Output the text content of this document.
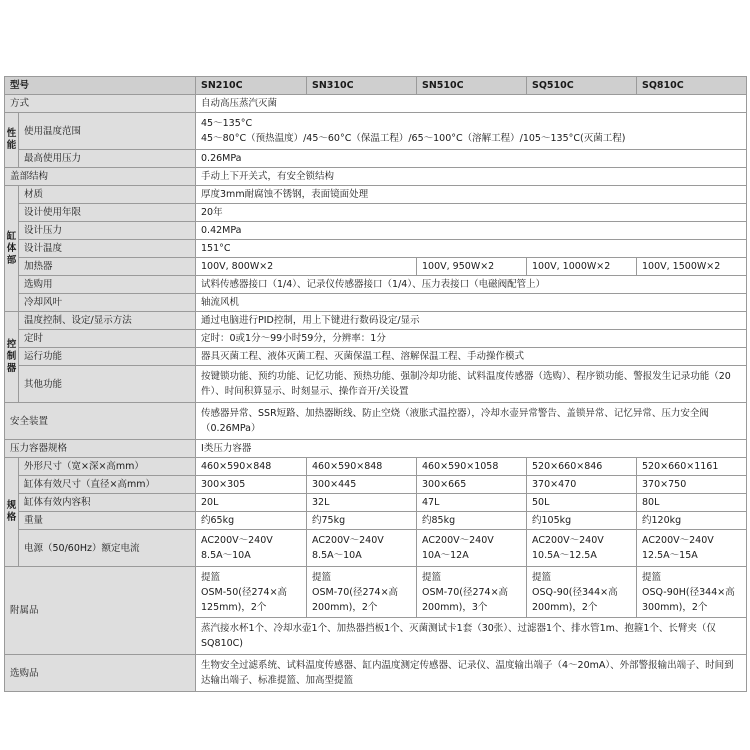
型号		SN210C	SN310C	SN510C	SQ510C	SQ810C
方式		自动高压蒸汽灭菌				

性
能	使用温度范围	45～135°C
45～80°C（预热温度）/45～60°C（保温工程）/65～100°C（溶解工程）/105～135°C(灭菌工程)				

	最高使用压力	0.26MPa				
盖部结构		手动上下开关式，有安全锁结构				

缸
体
部	材质	厚度3mm耐腐蚀不锈钢，表面镜面处理				
	设计使用年限	20年				
	设计压力	0.42MPa				
	设计温度	151°C				
	加热器	100V, 800W×2		100V, 950W×2	100V, 1000W×2	100V, 1500W×2
	选购用	试料传感器接口（1/4）、记录仪传感器接口（1/4）、压力表接口（电磁阀配管上）				
	冷却风叶	轴流风机				

控
制
器	温度控制、设定/显示方法	通过电脑进行PID控制，用上下键进行数码设定/显示				
	定时	定时：0或1分～99小时59分，分辨率：1分				
	运行功能	器具灭菌工程、液体灭菌工程、灭菌保温工程、溶解保温工程、手动操作模式				
	其他功能	按键锁功能、预约功能、记忆功能、预热功能、强制冷却功能、试料温度传感器（选购）、程序锁功能、警报发生记录功能（20件）、时间积算显示、时刻显示、操作音开/关设置				
安全装置		传感器异常、SSR短路、加热器断线、防止空烧（液胀式温控器），冷却水壶异常警告、盖锁异常、记忆异常、压力安全阀（0.26MPa）				
压力容器规格		Ⅰ类压力容器				

规
格	外形尺寸（宽×深×高mm）	460×590×848	460×590×848	460×590×1058	520×660×846	520×660×1161
	缸体有效尺寸（直径×高mm）	300×305	300×445	300×665	370×470	370×750
	缸体有效内容积	20L	32L	47L	50L	80L
	重量	约65kg	约75kg	约85kg	约105kg	约120kg
	电源（50/60Hz）额定电流	AC200V～240V
8.5A～10A	AC200V～240V
8.5A～10A	AC200V～240V
10A～12A	AC200V～240V
10.5A～12.5A	AC200V～240V
12.5A～15A

附属品		提篮
OSM-50(径274×高
125mm)，2个	提篮
OSM-70(径274×高
200mm)，2个	提篮
OSM-70(径274×高
200mm)，3个	提篮
OSQ-90(径344×高
200mm)，2个	提篮
OSQ-90H(径344×高
300mm)，2个

		蒸汽接水杯1个、冷却水壶1个、加热器挡板1个、灭菌测试卡1套（30张）、过滤器1个、排水管1m、抱箍1个、长臂夹（仅SQ810C)				
选购品		生物安全过滤系统、试料温度传感器、缸内温度测定传感器、记录仪、温度输出端子（4～20mA）、外部警报输出端子、时间到达输出端子、标准提篮、加高型提篮				
